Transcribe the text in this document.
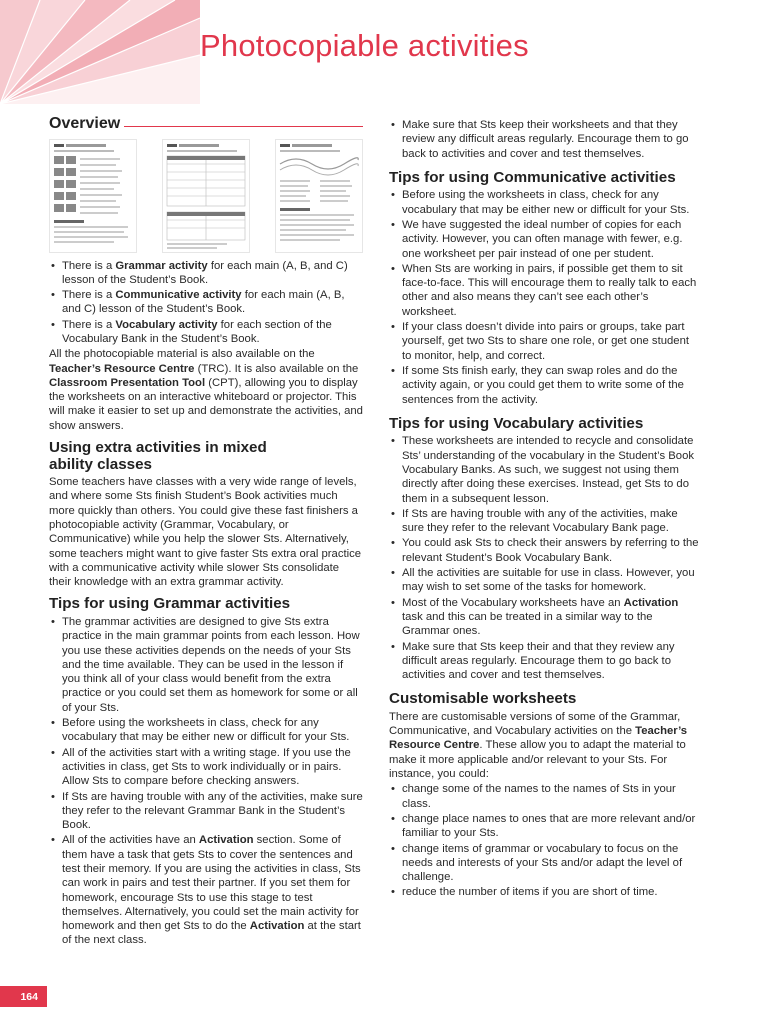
Photocopiable activities
Overview
• There is a Grammar activity for each main (A, B, and C) lesson of the Student’s Book.
• There is a Communicative activity for each main (A, B, and C) lesson of the Student’s Book.
• There is a Vocabulary activity for each section of the Vocabulary Bank in the Student’s Book.

All the photocopiable material is also available on the Teacher’s Resource Centre (TRC). It is also available on the Classroom Presentation Tool (CPT), allowing you to display the worksheets on an interactive whiteboard or projector. This will make it easier to set up and demonstrate the activities, and show answers.

Using extra activities in mixed ability classes

Some teachers have classes with a very wide range of levels, and where some Sts finish Student’s Book activities much more quickly than others. You could give these fast finishers a photocopiable activity (Grammar, Vocabulary, or Communicative) while you help the slower Sts. Alternatively, some teachers might want to give faster Sts extra oral practice with a communicative activity while slower Sts consolidate their knowledge with an extra grammar activity.

Tips for using Grammar activities
• The grammar activities are designed to give Sts extra practice in the main grammar points from each lesson. How you use these activities depends on the needs of your Sts and the time available. They can be used in the lesson if you think all of your class would benefit from the extra practice or you could set them as homework for some or all of your Sts.
• Before using the worksheets in class, check for any vocabulary that may be either new or difficult for your Sts.
• All of the activities start with a writing stage. If you use the activities in class, get Sts to work individually or in pairs. Allow Sts to compare before checking answers.
• If Sts are having trouble with any of the activities, make sure they refer to the relevant Grammar Bank in the Student’s Book.
• All of the activities have an Activation section. Some of them have a task that gets Sts to cover the sentences and test their memory. If you are using the activities in class, Sts can work in pairs and test their partner. If you set them for homework, encourage Sts to use this stage to test themselves. Alternatively, you could set the main activity for homework and then get Sts to do the Activation at the start of the next class.
• Make sure that Sts keep their worksheets and that they review any difficult areas regularly. Encourage them to go back to activities and cover and test themselves.
Tips for using Communicative activities
• Before using the worksheets in class, check for any vocabulary that may be either new or difficult for your Sts.
• We have suggested the ideal number of copies for each activity. However, you can often manage with fewer, e.g. one worksheet per pair instead of one per student.
• When Sts are working in pairs, if possible get them to sit face-to-face. This will encourage them to really talk to each other and also means they can’t see each other’s worksheet.
• If your class doesn’t divide into pairs or groups, take part yourself, get two Sts to share one role, or get one student to monitor, help, and correct.
• If some Sts finish early, they can swap roles and do the activity again, or you could get them to write some of the sentences from the activity.
Tips for using Vocabulary activities
• These worksheets are intended to recycle and consolidate Sts’ understanding of the vocabulary in the Student’s Book Vocabulary Banks. As such, we suggest not using them directly after doing these exercises. Instead, get Sts to do them in a subsequent lesson.
• If Sts are having trouble with any of the activities, make sure they refer to the relevant Vocabulary Bank page.
• You could ask Sts to check their answers by referring to the relevant Student’s Book Vocabulary Bank.
• All the activities are suitable for use in class. However, you may wish to set some of the tasks for homework.
• Most of the Vocabulary worksheets have an Activation task and this can be treated in a similar way to the Grammar ones.
• Make sure that Sts keep their and that they review any difficult areas regularly. Encourage them to go back to activities and cover and test themselves.
Customisable worksheets

There are customisable versions of some of the Grammar, Communicative, and Vocabulary activities on the Teacher’s Resource Centre. These allow you to adapt the material to make it more applicable and/or relevant to your Sts. For instance, you could:

• change some of the names to the names of Sts in your class.
• change place names to ones that are more relevant and/or familiar to your Sts.
• change items of grammar or vocabulary to focus on the needs and interests of your Sts and/or adapt the level of challenge.
• reduce the number of items if you are short of time.
164
